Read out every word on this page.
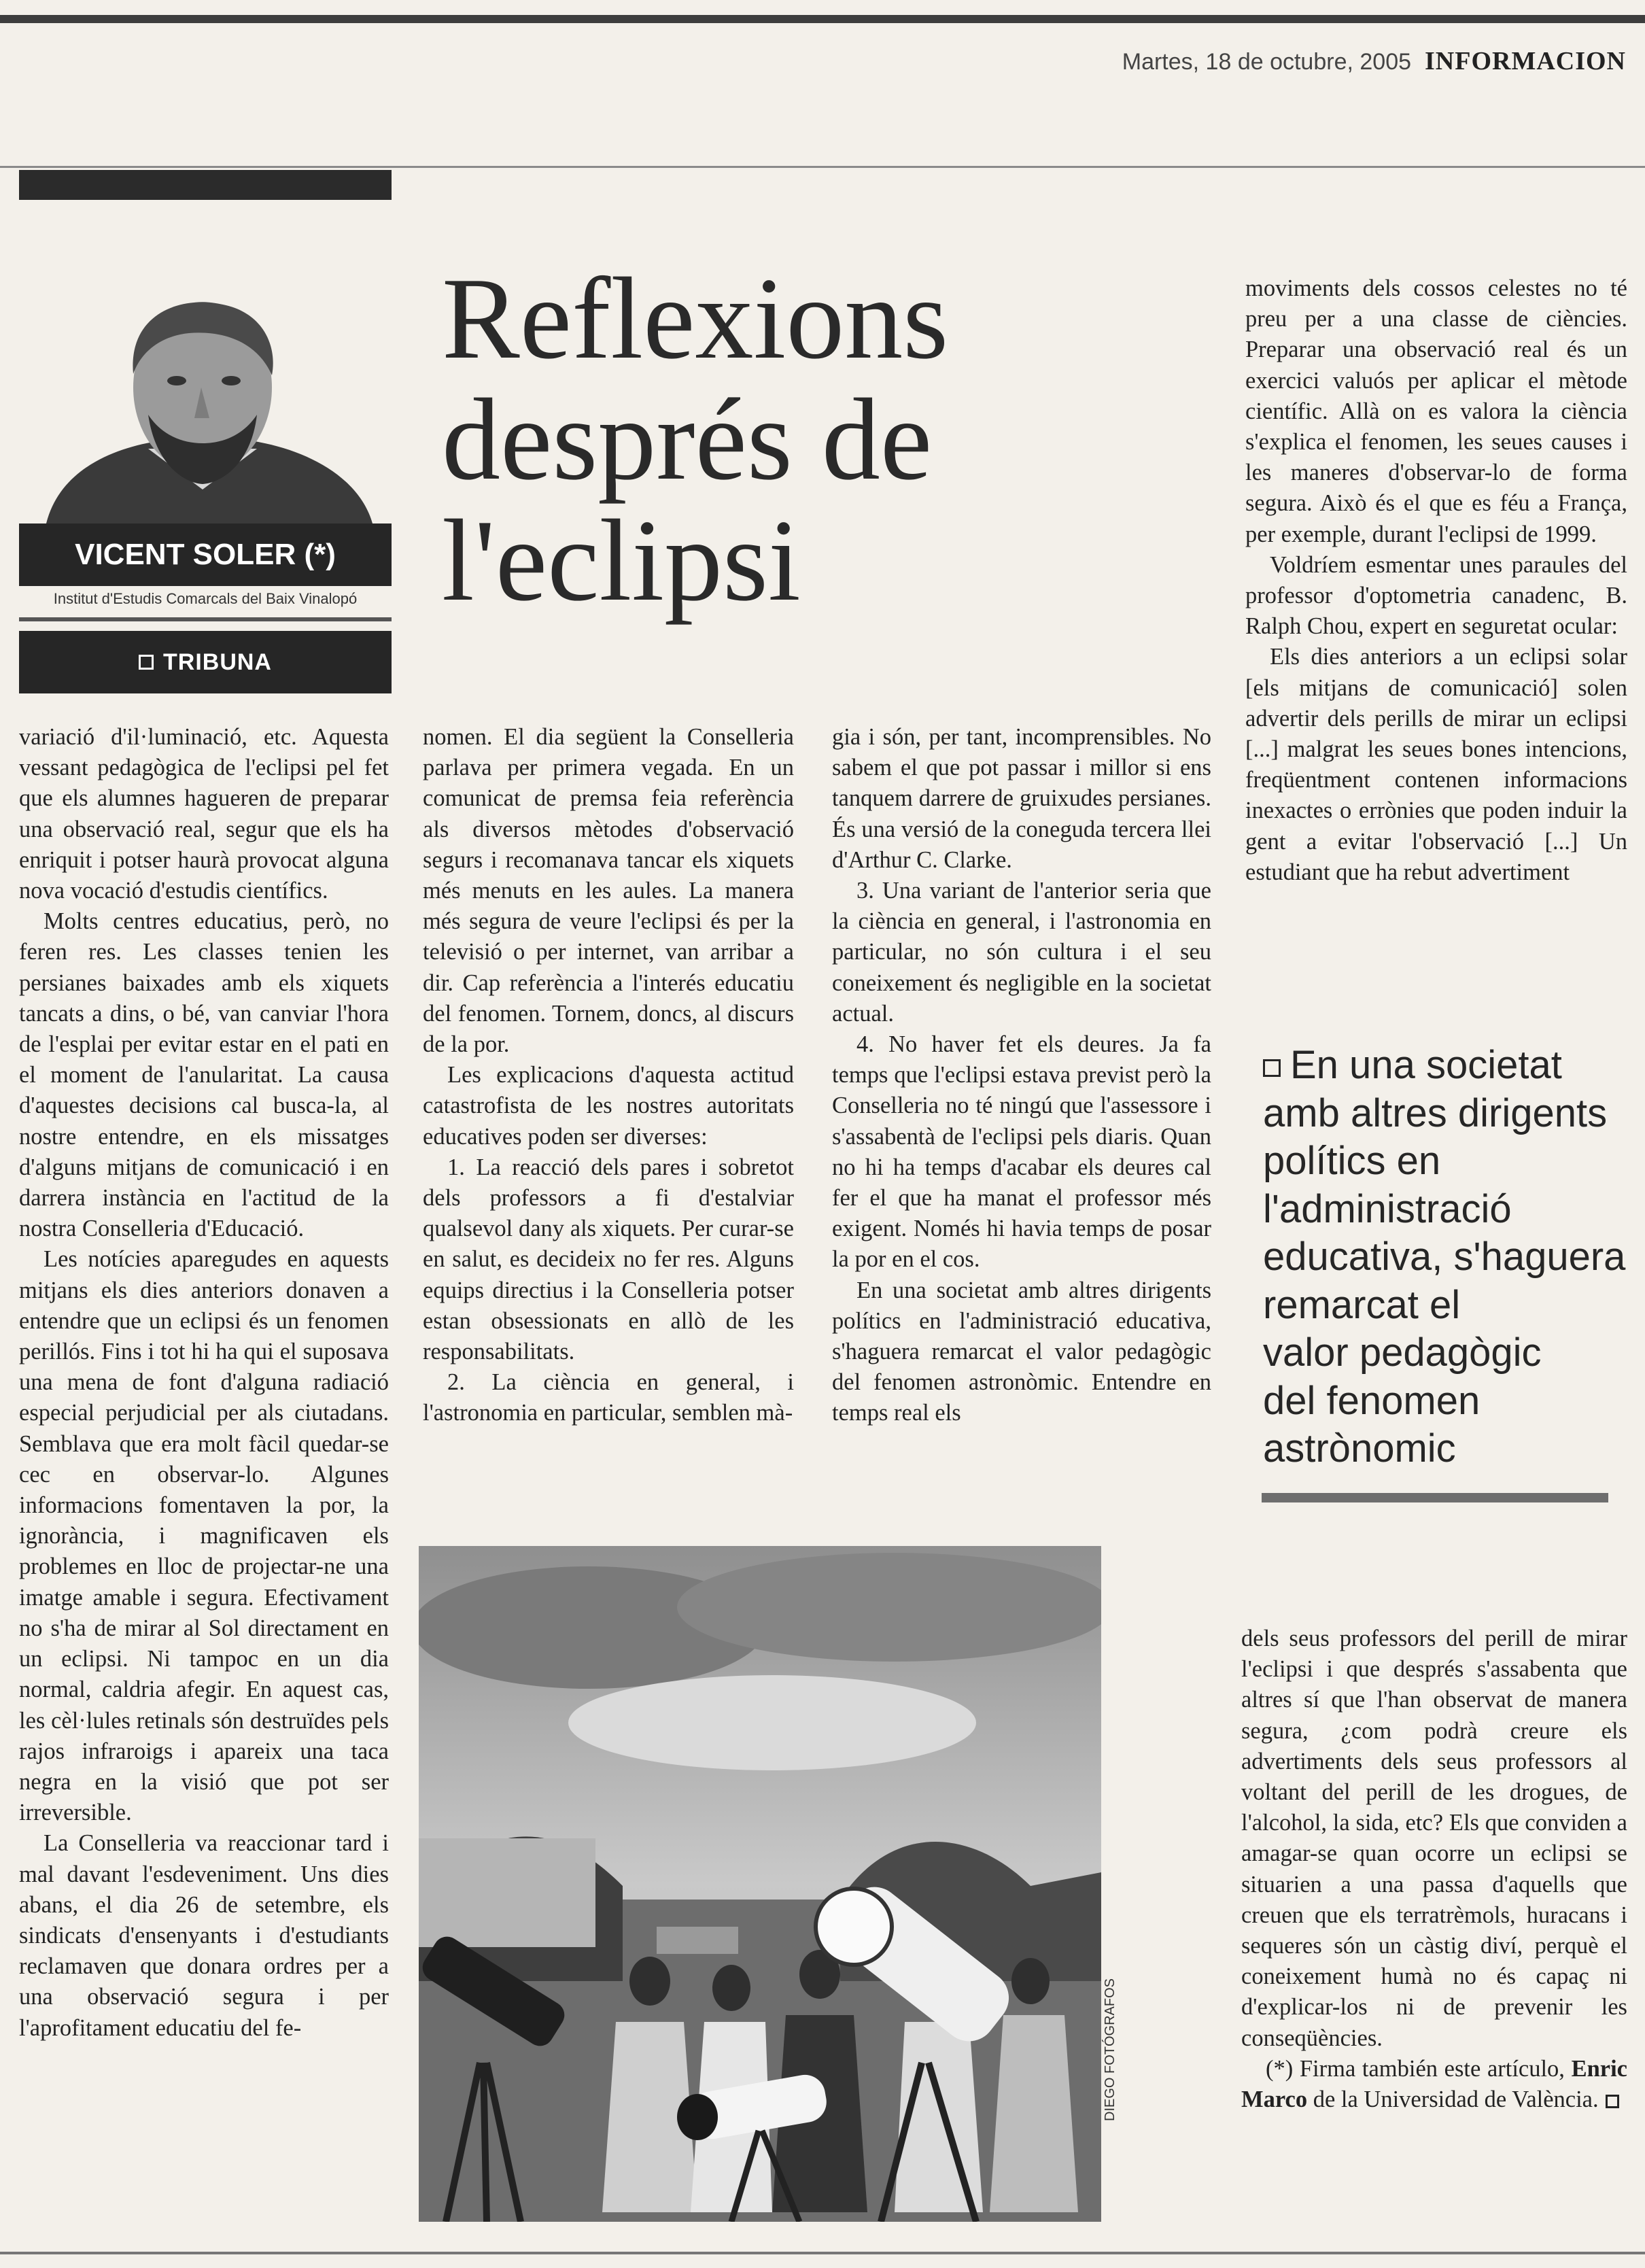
Martes, 18 de octubre, 2005 INFORMACION
VICENT SOLER (*)
Institut d'Estudis Comarcals del Baix Vinalopó
TRIBUNA
Reflexions
després de
l'eclipsi

variació d'il·luminació, etc. Aquesta vessant pedagògica de l'eclipsi pel fet que els alumnes hagueren de preparar una observació real, segur que els ha enriquit i potser haurà provocat alguna nova vocació d'estudis científics.

Molts centres educatius, però, no feren res. Les classes tenien les persianes baixades amb els xiquets tancats a dins, o bé, van canviar l'hora de l'esplai per evitar estar en el pati en el moment de l'anularitat. La causa d'aquestes decisions cal busca-la, al nostre entendre, en els missatges d'alguns mitjans de comunicació i en darrera instància en l'actitud de la nostra Conselleria d'Educació.

Les notícies aparegudes en aquests mitjans els dies anteriors donaven a entendre que un eclipsi és un fenomen perillós. Fins i tot hi ha qui el suposava una mena de font d'alguna radiació especial perjudicial per als ciutadans. Semblava que era molt fàcil quedar-se cec en observar-lo. Algunes informacions fomentaven la por, la ignorància, i magnificaven els problemes en lloc de projectar-ne una imatge amable i segura. Efectivament no s'ha de mirar al Sol directament en un eclipsi. Ni tampoc en un dia normal, caldria afegir. En aquest cas, les cèl·lules retinals són destruïdes pels rajos infraroigs i apareix una taca negra en la visió que pot ser irreversible.

La Conselleria va reaccionar tard i mal davant l'esdeveniment. Uns dies abans, el dia 26 de setembre, els sindicats d'ensenyants i d'estudiants reclamaven que donara ordres per a una observació segura i per l'aprofitament educatiu del fe-

nomen. El dia següent la Conselleria parlava per primera vegada. En un comunicat de premsa feia referència als diversos mètodes d'observació segurs i recomanava tancar els xiquets més menuts en les aules. La manera més segura de veure l'eclipsi és per la televisió o per internet, van arribar a dir. Cap referència a l'interés educatiu del fenomen. Tornem, doncs, al discurs de la por.

Les explicacions d'aquesta actitud catastrofista de les nostres autoritats educatives poden ser diverses:

1. La reacció dels pares i sobretot dels professors a fi d'estalviar qualsevol dany als xiquets. Per curar-se en salut, es decideix no fer res. Alguns equips directius i la Conselleria potser estan obsessionats en allò de les responsabilitats.

2. La ciència en general, i l'astronomia en particular, semblen mà-

gia i són, per tant, incomprensibles. No sabem el que pot passar i millor si ens tanquem darrere de gruixudes persianes. És una versió de la coneguda tercera llei d'Arthur C. Clarke.

3. Una variant de l'anterior seria que la ciència en general, i l'astronomia en particular, no són cultura i el seu coneixement és negligible en la societat actual.

4. No haver fet els deures. Ja fa temps que l'eclipsi estava previst però la Conselleria no té ningú que l'assessore i s'assabentà de l'eclipsi pels diaris. Quan no hi ha temps d'acabar els deures cal fer el que ha manat el professor més exigent. Només hi havia temps de posar la por en el cos.

En una societat amb altres dirigents polítics en l'administració educativa, s'haguera remarcat el valor pedagògic del fenomen astronòmic. Entendre en temps real els

moviments dels cossos celestes no té preu per a una classe de ciències. Preparar una observació real és un exercici valuós per aplicar el mètode científic. Allà on es valora la ciència s'explica el fenomen, les seues causes i les maneres d'observar-lo de forma segura. Això és el que es féu a França, per exemple, durant l'eclipsi de 1999.

Voldríem esmentar unes paraules del professor d'optometria canadenc, B. Ralph Chou, expert en seguretat ocular:

Els dies anteriors a un eclipsi solar [els mitjans de comunicació] solen advertir dels perills de mirar un eclipsi [...] malgrat les seues bones intencions, freqüentment contenen informacions inexactes o errònies que poden induir la gent a evitar l'observació [...] Un estudiant que ha rebut advertiment

En una societat
amb altres dirigents
polítics en
l'administració
educativa, s'haguera
remarcat el
valor pedagògic
del fenomen
astrònomic
DIEGO FOTÓGRAFOS

dels seus professors del perill de mirar l'eclipsi i que després s'assabenta que altres sí que l'han observat de manera segura, ¿com podrà creure els advertiments dels seus professors al voltant del perill de les drogues, de l'alcohol, la sida, etc? Els que conviden a amagar-se quan ocorre un eclipsi se situarien a una passa d'aquells que creuen que els terratrèmols, huracans i sequeres són un càstig diví, perquè el coneixement humà no és capaç ni d'explicar-los ni de prevenir les conseqüències.

(*) Firma también este artículo, Enric Marco de la Universidad de València.
